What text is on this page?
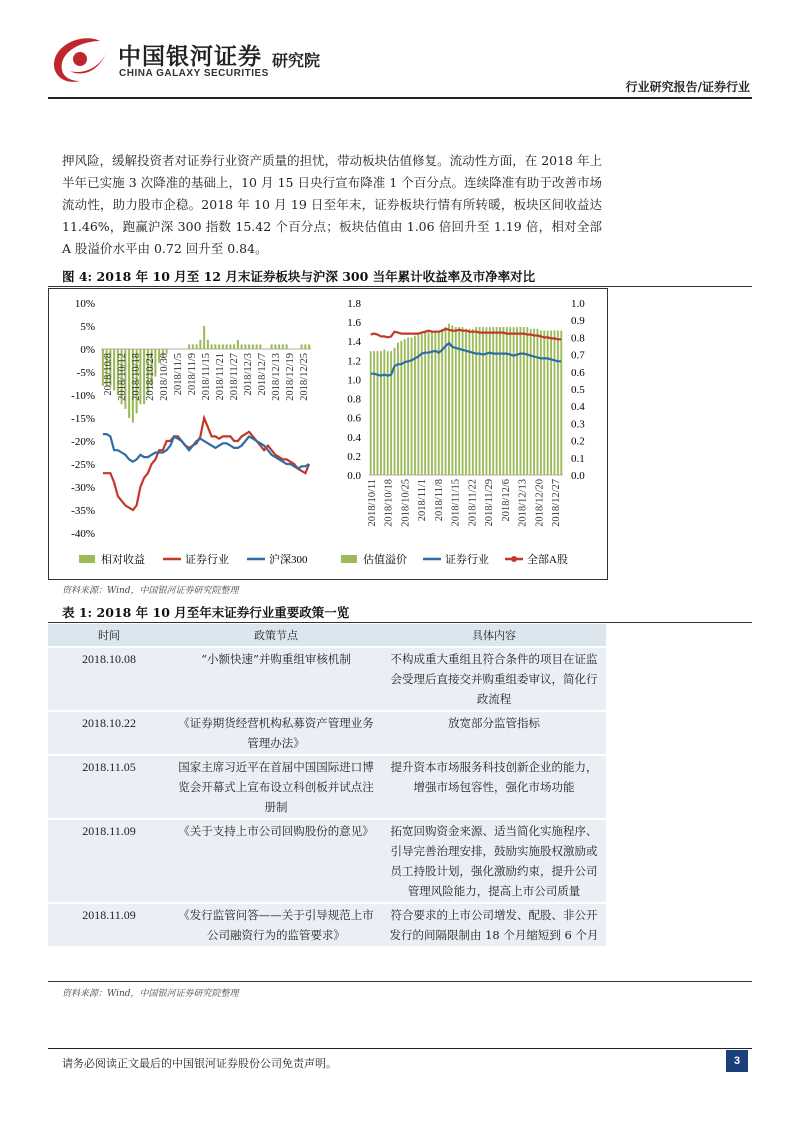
中国银河证券
CHINA GALAXY SECURITIES
研究院
行业研究报告/证券行业
押风险，缓解投资者对证券行业资产质量的担忧，带动板块估值修复。流动性方面，在 2018 年上半年已实施 3 次降准的基础上，10 月 15 日央行宣布降准 1 个百分点。连续降准有助于改善市场流动性，助力股市企稳。2018 年 10 月 19 日至年末，证券板块行情有所转暖，板块区间收益达 11.46%，跑赢沪深 300 指数 15.42 个百分点；板块估值由 1.06 倍回升至 1.19 倍，相对全部 A 股溢价水平由 0.72 回升至 0.84。
图 4: 2018 年 10 月至 12 月末证券板块与沪深 300 当年累计收益率及市净率对比
10%
5%
0%
-5%
-10%
-15%
-20%
-25%
-30%
-35%
-40%
2018/10/8 2018/10/12 2018/10/18 2018/10/24 2018/10/30 2018/11/5 2018/11/9 2018/11/15 2018/11/21 2018/11/27 2018/12/3 2018/12/7 2018/12/13 2018/12/19 2018/12/25
相对收益	证券行业	沪深300
1.8
1.6
1.4
1.2
1.0
0.8
0.6
0.4
0.2
0.0
1.0
0.9
0.8
0.7
0.6
0.5
0.4
0.3
0.2
0.1
0.0
2018/10/11 2018/10/18 2018/10/25 2018/11/1 2018/11/8 2018/11/15 2018/11/22 2018/11/29 2018/12/6 2018/12/13 2018/12/20 2018/12/27
估值溢价	证券行业	全部A股
资料来源：Wind，中国银河证券研究院整理
表 1: 2018 年 10 月至年末证券行业重要政策一览
时间	政策节点	具体内容
2018.10.08	“小额快速”并购重组审核机制	不构成重大重组且符合条件的项目在证监会受理后直接交并购重组委审议，简化行政流程
2018.10.22	《证券期货经营机构私募资产管理业务管理办法》	放宽部分监管指标
2018.11.05	国家主席习近平在首届中国国际进口博览会开幕式上宣布设立科创板并试点注册制	提升资本市场服务科技创新企业的能力，增强市场包容性，强化市场功能
2018.11.09	《关于支持上市公司回购股份的意见》	拓宽回购资金来源、适当简化实施程序、引导完善治理安排，鼓励实施股权激励或员工持股计划，强化激励约束，提升公司管理风险能力，提高上市公司质量
2018.11.09	《发行监管问答——关于引导规范上市公司融资行为的监管要求》	符合要求的上市公司增发、配股、非公开发行的间隔限制由 18 个月缩短到 6 个月
资料来源：Wind，中国银河证券研究院整理
请务必阅读正文最后的中国银河证券股份公司免责声明。	3
